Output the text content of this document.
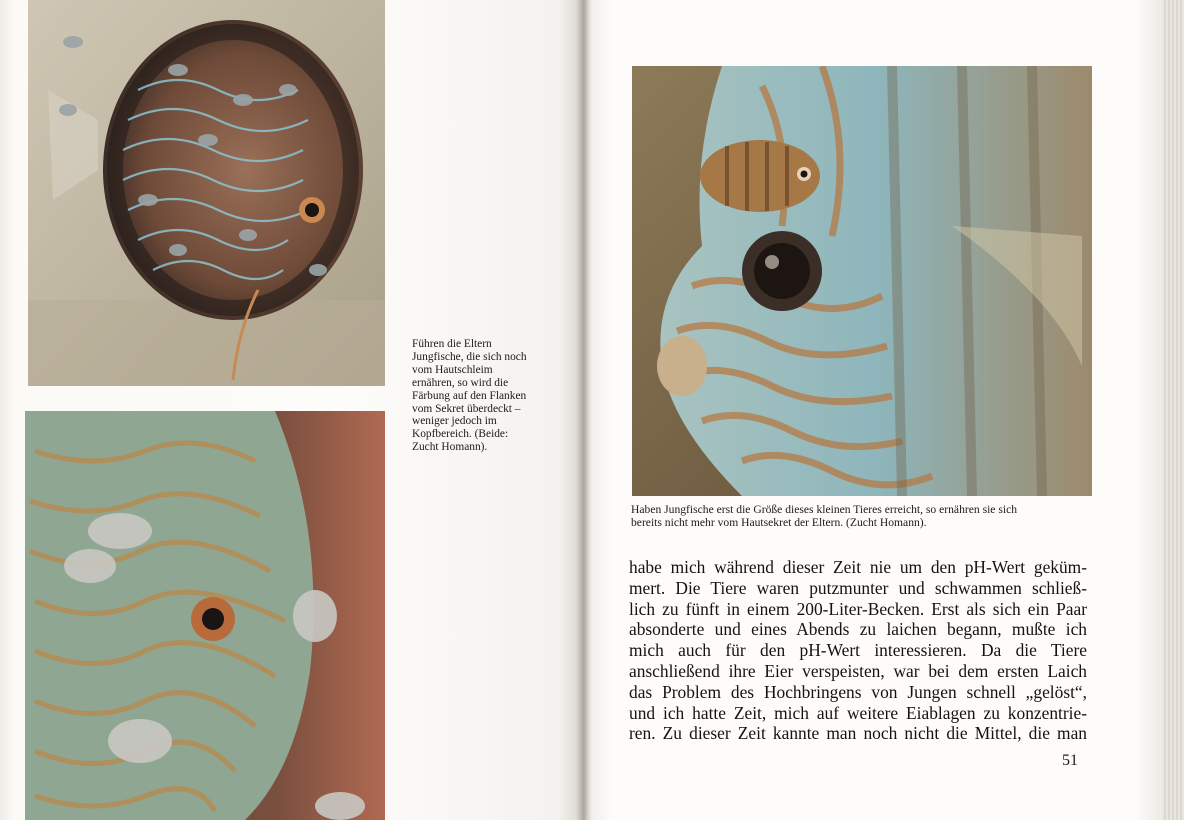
Führen die Eltern
Jungfische, die sich noch
vom Hautschleim
ernähren, so wird die
Färbung auf den Flanken
vom Sekret überdeckt –
weniger jedoch im
Kopfbereich. (Beide:
Zucht Homann).
Haben Jungfische erst die Größe dieses kleinen Tieres erreicht, so ernähren sie sich
bereits nicht mehr vom Hautsekret der Eltern. (Zucht Homann).
habe mich während dieser Zeit nie um den pH-Wert geküm-
mert. Die Tiere waren putzmunter und schwammen schließ-
lich zu fünft in einem 200-Liter-Becken. Erst als sich ein Paar
absonderte und eines Abends zu laichen begann, mußte ich
mich auch für den pH-Wert interessieren. Da die Tiere
anschließend ihre Eier verspeisten, war bei dem ersten Laich
das Problem des Hochbringens von Jungen schnell „gelöst“,
und ich hatte Zeit, mich auf weitere Eiablagen zu konzentrie-
ren. Zu dieser Zeit kannte man noch nicht die Mittel, die man
51
